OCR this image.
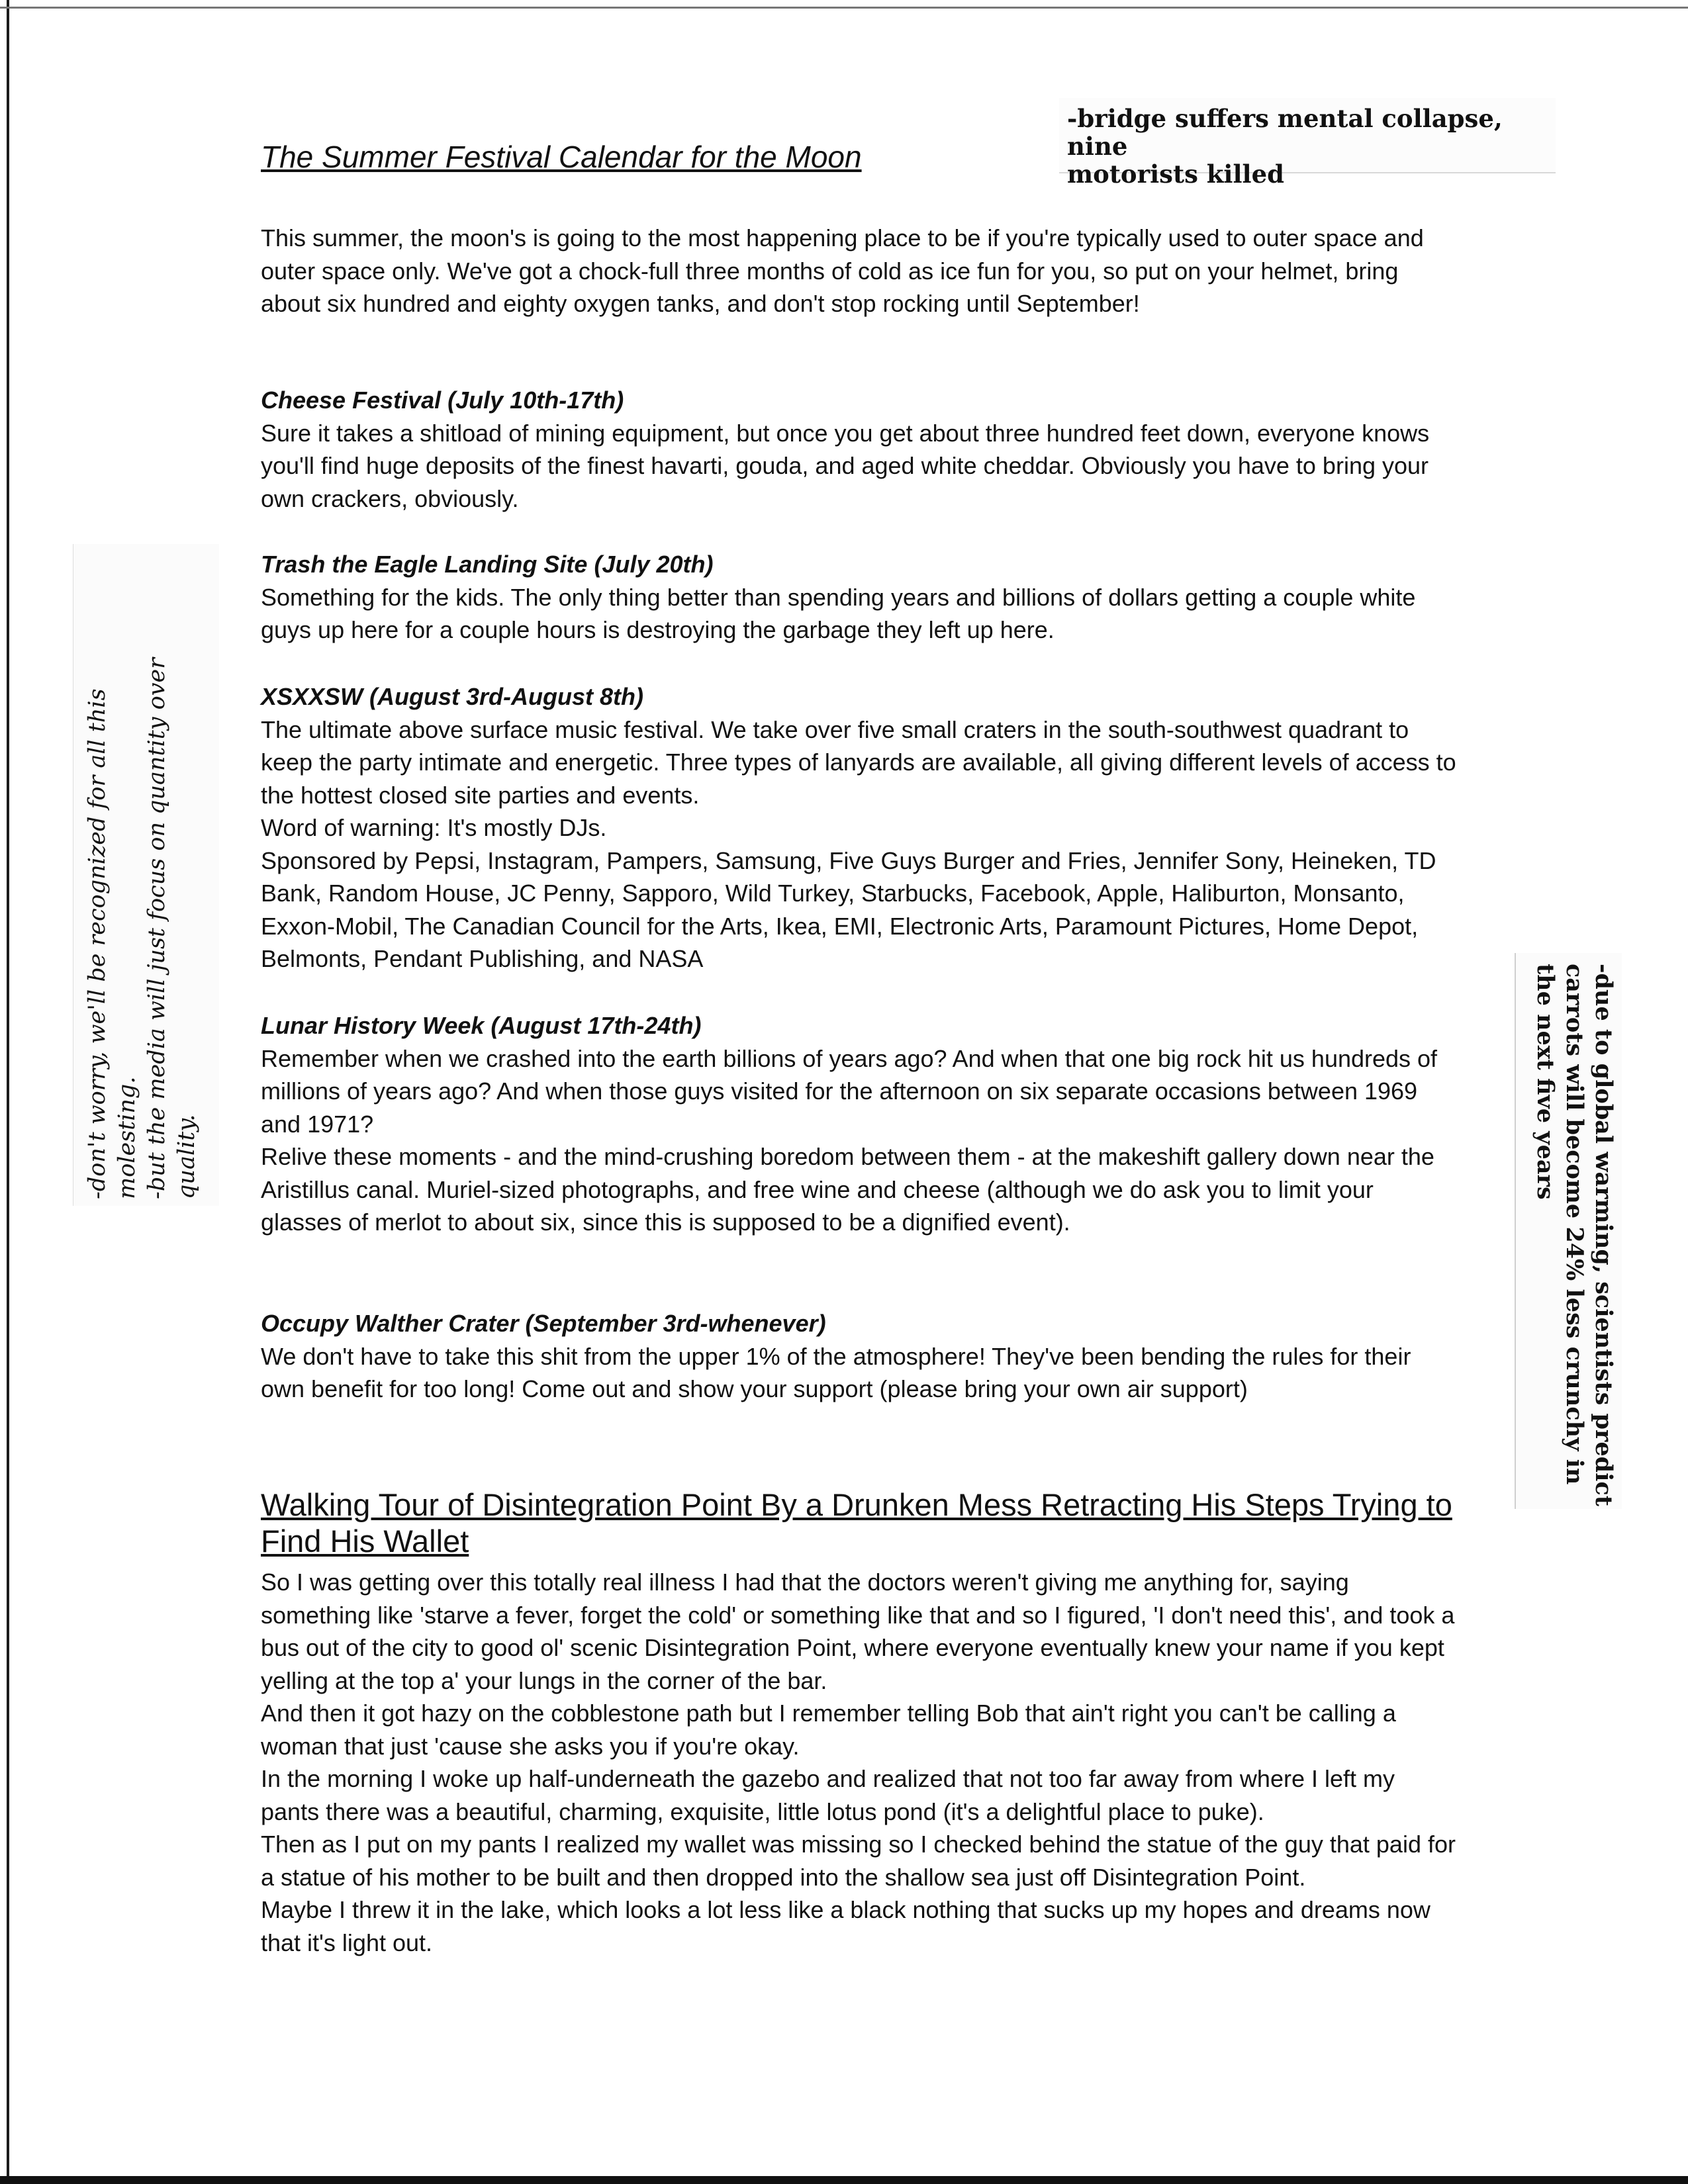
The Summer Festival Calendar for the Moon

This summer, the moon's is going to the most happening place to be if you're typically used to outer space and outer space only. We've got a chock-full three months of cold as ice fun for you, so put on your helmet, bring about six hundred and eighty oxygen tanks, and don't stop rocking until September!

Cheese Festival (July 10th-17th)

Sure it takes a shitload of mining equipment, but once you get about three hundred feet down, everyone knows you'll find huge deposits of the finest havarti, gouda, and aged white cheddar. Obviously you have to bring your own crackers, obviously.

Trash the Eagle Landing Site (July 20th)

Something for the kids. The only thing better than spending years and billions of dollars getting a couple white guys up here for a couple hours is destroying the garbage they left up here.

XSXXSW (August 3rd-August 8th)

The ultimate above surface music festival. We take over five small craters in the south-southwest quadrant to keep the party intimate and energetic. Three types of lanyards are available, all giving different levels of access to the hottest closed site parties and events.

Word of warning: It's mostly DJs.

Sponsored by Pepsi, Instagram, Pampers, Samsung, Five Guys Burger and Fries, Jennifer Sony, Heineken, TD Bank, Random House, JC Penny, Sapporo, Wild Turkey, Starbucks, Facebook, Apple, Haliburton, Monsanto, Exxon-Mobil, The Canadian Council for the Arts, Ikea, EMI, Electronic Arts, Paramount Pictures, Home Depot, Belmonts, Pendant Publishing, and NASA

Lunar History Week (August 17th-24th)

Remember when we crashed into the earth billions of years ago? And when that one big rock hit us hundreds of millions of years ago? And when those guys visited for the afternoon on six separate occasions between 1969 and 1971?

Relive these moments - and the mind-crushing boredom between them - at the makeshift gallery down near the Aristillus canal. Muriel-sized photographs, and free wine and cheese (although we do ask you to limit your glasses of merlot to about six, since this is supposed to be a dignified event).

Occupy Walther Crater (September 3rd-whenever)

We don't have to take this shit from the upper 1% of the atmosphere! They've been bending the rules for their own benefit for too long! Come out and show your support (please bring your own air support)

Walking Tour of Disintegration Point By a Drunken Mess Retracting His Steps Trying to Find His Wallet

So I was getting over this totally real illness I had that the doctors weren't giving me anything for, saying something like 'starve a fever, forget the cold' or something like that and so I figured, 'I don't need this', and took a bus out of the city to good ol' scenic Disintegration Point, where everyone eventually knew your name if you kept yelling at the top a' your lungs in the corner of the bar.

And then it got hazy on the cobblestone path but I remember telling Bob that ain't right you can't be calling a woman that just 'cause she asks you if you're okay.

In the morning I woke up half-underneath the gazebo and realized that not too far away from where I left my pants there was a beautiful, charming, exquisite, little lotus pond (it's a delightful place to puke).

Then as I put on my pants I realized my wallet was missing so I checked behind the statue of the guy that paid for a statue of his mother to be built and then dropped into the shallow sea just off Disintegration Point.

Maybe I threw it in the lake, which looks a lot less like a black nothing that sucks up my hopes and dreams now that it's light out.

-bridge suffers mental collapse, nine
motorists killed

-don't worry, we'll be recognized for all this molesting. -but the media will just focus on quantity over quality.	-due to global warming, scientists predict
carrots will become 24% less crunchy in
the next five years
